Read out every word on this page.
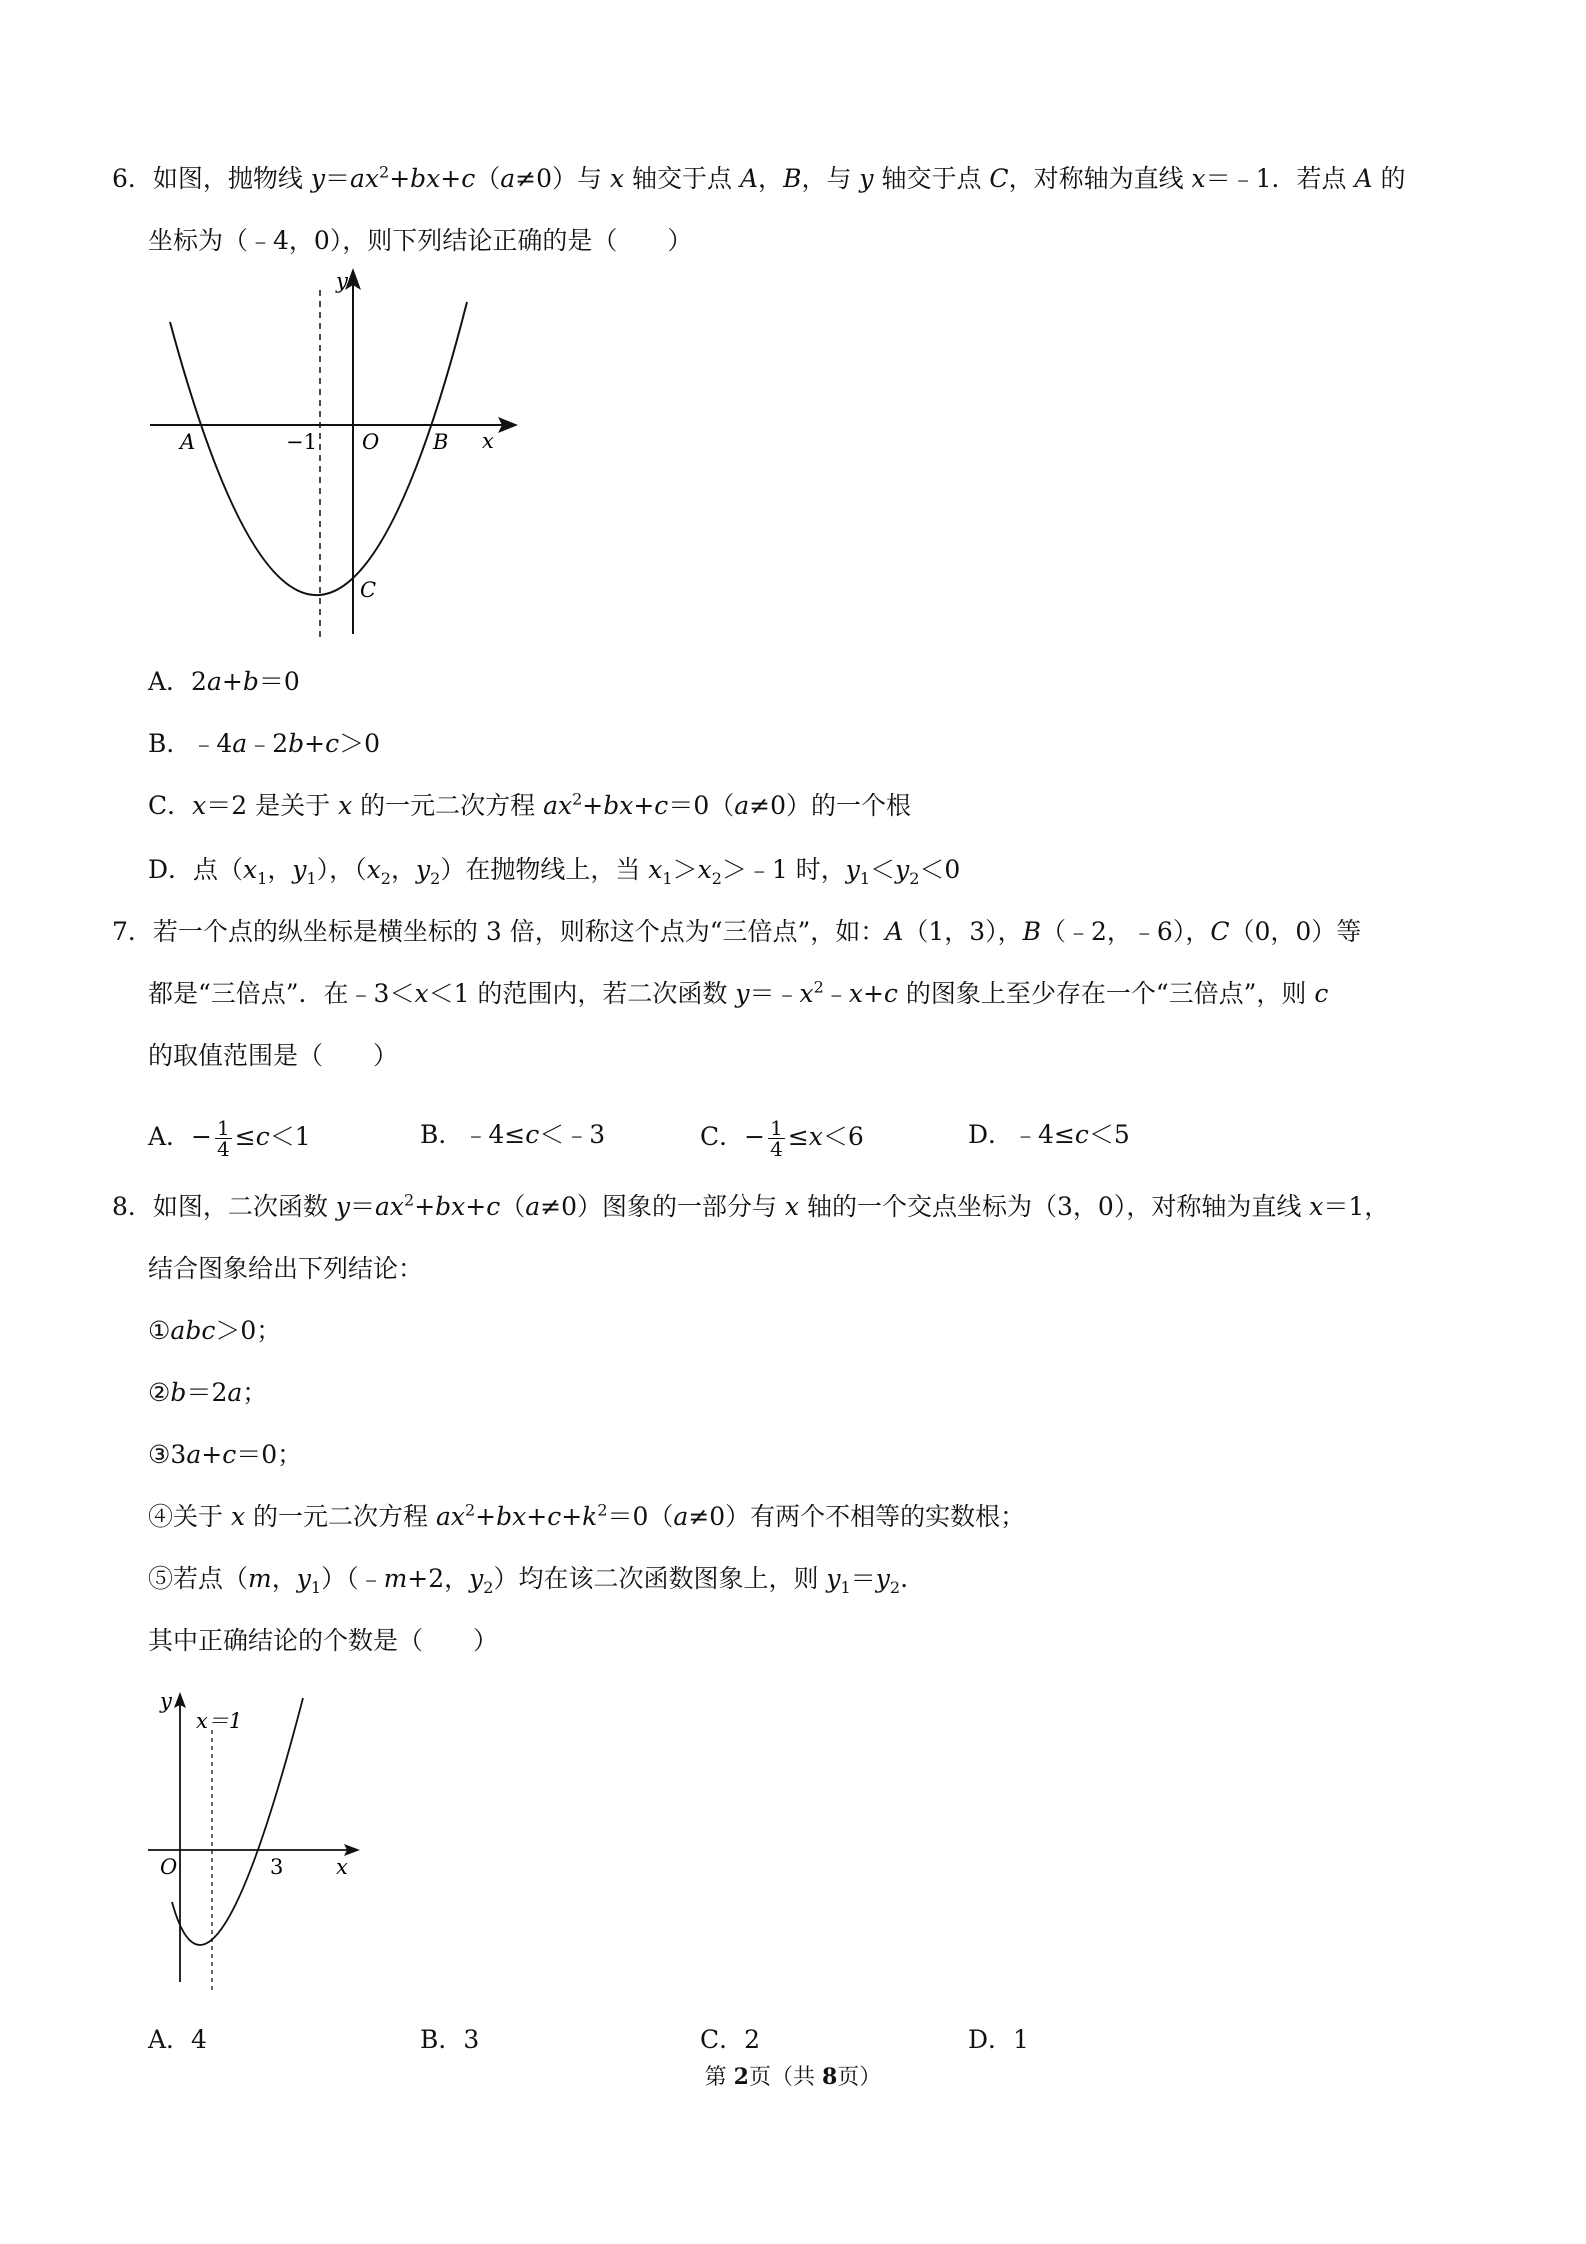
6．如图，抛物线 $y=ax^2+bx+c(a\ne 0)$与 x 轴交于点 A，B，与 y 轴交于点 C，对称轴为直线 x＝﹣1．若点 A 的
坐标为（﹣4，0），则下列结论正确的是（　　）
y
x
A	−1 O	B
C
A．2a+b＝0
B．﹣4a﹣2b+c＞0
C．x＝2 是关于 x 的一元二次方程 $ax^2+bx+c=0(a\ne 0)$的一个根
D．点（$x_1$，$y_1$），（$x_2$，$y_2$）在抛物线上，当 $x_1>x_2>﹣1$ 时，$y_1<y_2<0$
7．若一个点的纵坐标是横坐标的 3 倍，则称这个点为“三倍点”，如：A（1，3），B（﹣2，﹣6），C（0，0）等
都是“三倍点”．在﹣3＜x＜1 的范围内，若二次函数 $y=﹣x^2﹣x+c$ 的图象上至少存在一个“三倍点”，则 c
的取值范围是（　　）
A．− $\frac{1}{4} \le c<1$	B．﹣4≤c＜﹣3	C．− $\frac{1}{4} \le x<6$	D．﹣4≤c＜5
8．如图，二次函数 $y=ax^2+bx+c(a\ne 0)$图象的一部分与 x 轴的一个交点坐标为（3，0），对称轴为直线 x＝1，
结合图象给出下列结论：
①abc＞0；
②b＝2a；
③3a+c＝0；
④关于 x 的一元二次方程 $ax^2+bx+c+k^2=0(a\ne 0)$有两个不相等的实数根；
⑤若点（m，$y_1)(﹣m+2$，$y_2$）均在该二次函数图象上，则 $y_1=y_2$.
其中正确结论的个数是（　　）
y
x＝1
O	3	x
A．4	B．3	C．2	D．1
第 2页（共 8页）
